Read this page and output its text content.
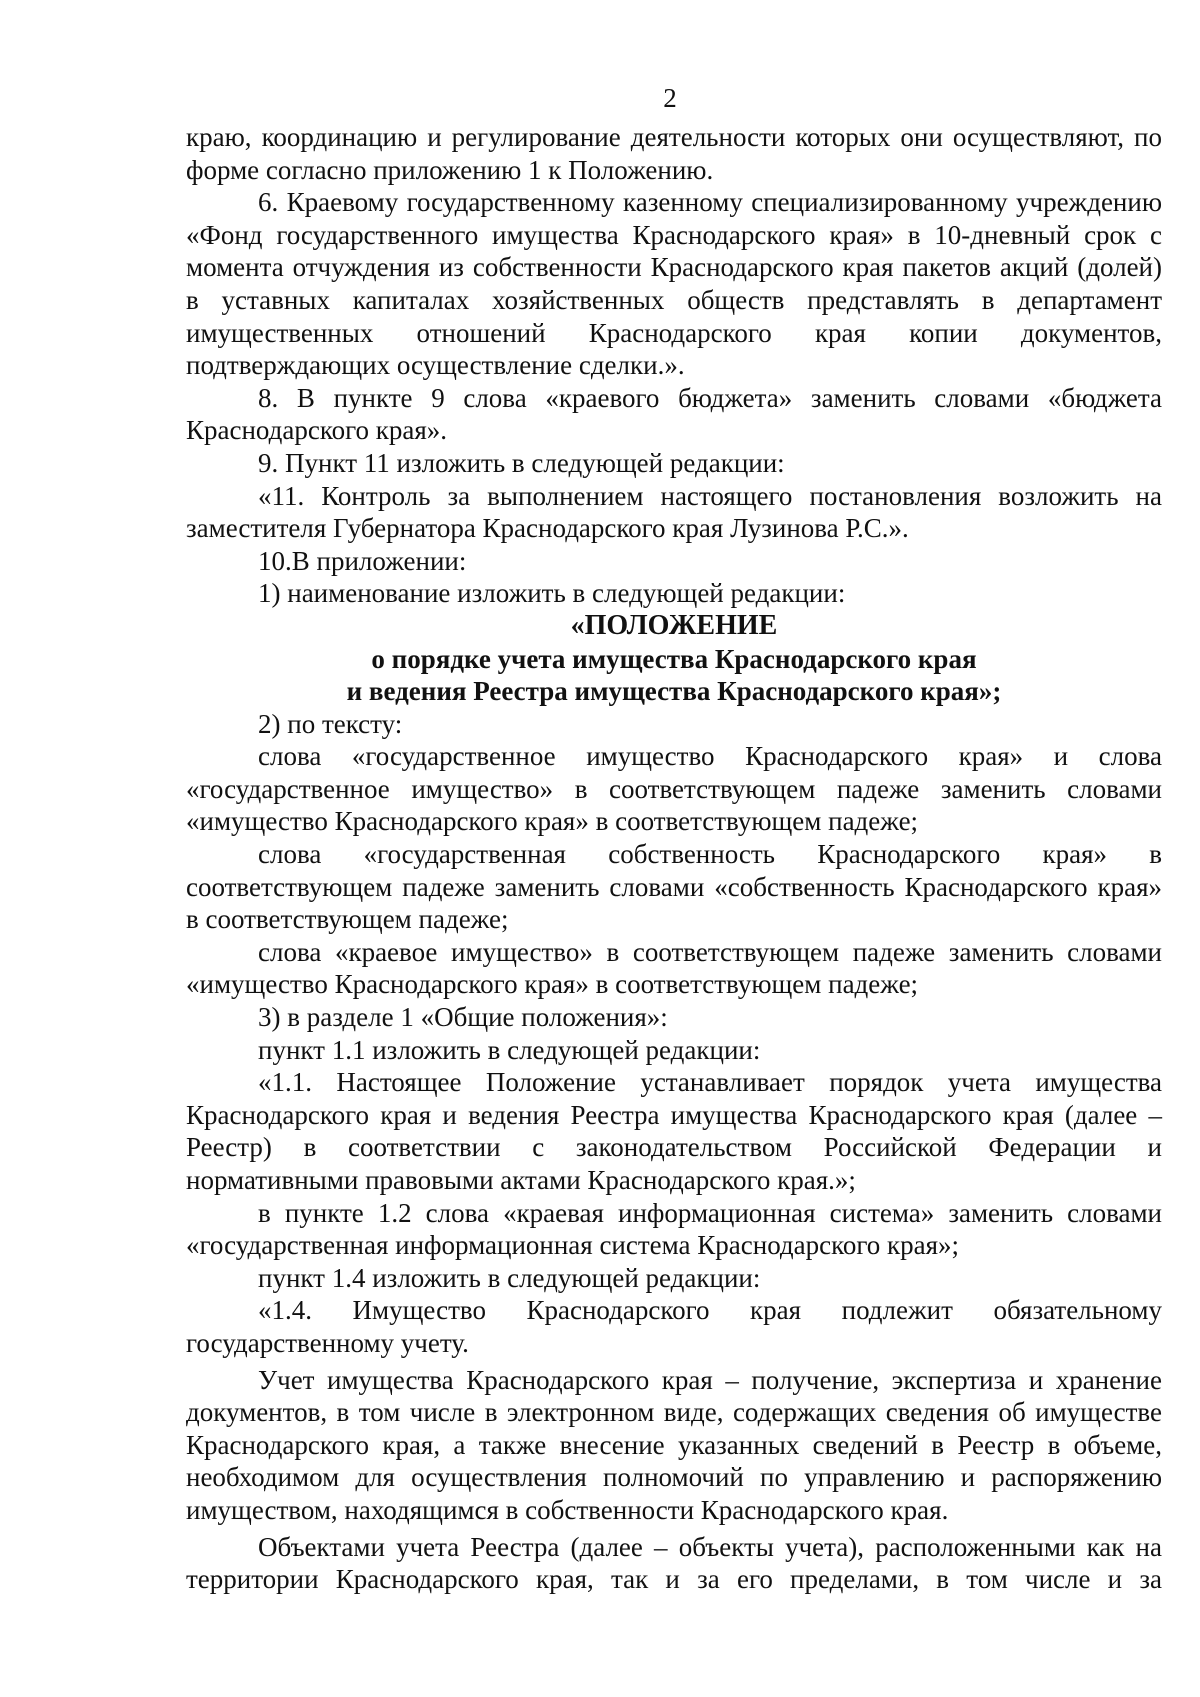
2

краю, координацию и регулирование деятельности которых они осуществляют, по форме согласно приложению 1 к Положению.

6. Краевому государственному казенному специализированному учреждению «Фонд государственного имущества Краснодарского края» в 10-дневный срок с момента отчуждения из собственности Краснодарского края пакетов акций (долей) в уставных капиталах хозяйственных обществ представлять в департамент имущественных отношений Краснодарского края копии документов, подтверждающих осуществление сделки.».

8. В пункте 9 слова «краевого бюджета» заменить словами «бюджета Краснодарского края».

9. Пункт 11 изложить в следующей редакции:

«11. Контроль за выполнением настоящего постановления возложить на заместителя Губернатора Краснодарского края Лузинова Р.С.».

10.В приложении:

1) наименование изложить в следующей редакции:

«ПОЛОЖЕНИЕ

о порядке учета имущества Краснодарского края

и ведения Реестра имущества Краснодарского края»;

2) по тексту:

слова «государственное имущество Краснодарского края» и слова «государственное имущество» в соответствующем падеже заменить словами «имущество Краснодарского края» в соответствующем падеже;

слова «государственная собственность Краснодарского края» в соответствующем падеже заменить словами «собственность Краснодарского края» в соответствующем падеже;

слова «краевое имущество» в соответствующем падеже заменить словами «имущество Краснодарского края» в соответствующем падеже;

3) в разделе 1 «Общие положения»:

пункт 1.1 изложить в следующей редакции:

«1.1. Настоящее Положение устанавливает порядок учета имущества Краснодарского края и ведения Реестра имущества Краснодарского края (далее – Реестр) в соответствии с законодательством Российской Федерации и нормативными правовыми актами Краснодарского края.»;

в пункте 1.2 слова «краевая информационная система» заменить словами «государственная информационная система Краснодарского края»;

пункт 1.4 изложить в следующей редакции:

«1.4. Имущество Краснодарского края подлежит обязательному государственному учету.

Учет имущества Краснодарского края – получение, экспертиза и хранение документов, в том числе в электронном виде, содержащих сведения об имуществе Краснодарского края, а также внесение указанных сведений в Реестр в объеме, необходимом для осуществления полномочий по управлению и распоряжению имуществом, находящимся в собственности Краснодарского края.

Объектами учета Реестра (далее – объекты учета), расположенными как на территории Краснодарского края, так и за его пределами, в том числе и за
